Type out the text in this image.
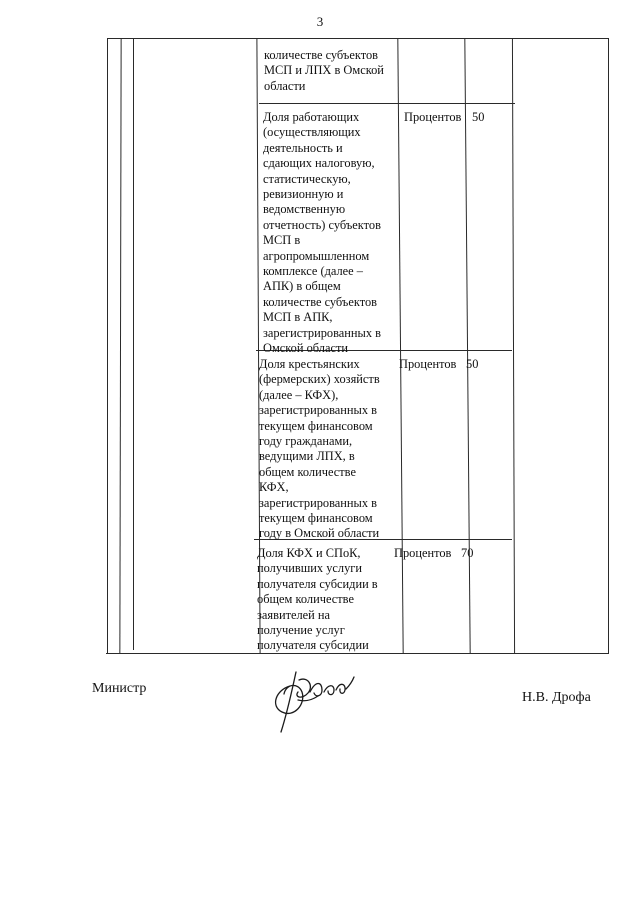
3
количестве субъектов
МСП и ЛПХ в Омской
области
Доля работающих
(осуществляющих
деятельность и
сдающих налоговую,
статистическую,
ревизионную и
ведомственную
отчетность) субъектов
МСП в
агропромышленном
комплексе (далее –
АПК) в общем
количестве субъектов
МСП в АПК,
зарегистрированных в
Омской области
Процентов 50
Доля крестьянских
(фермерских) хозяйств
(далее – КФХ),
зарегистрированных в
текущем финансовом
году гражданами,
ведущими ЛПХ, в
общем количестве
КФХ,
зарегистрированных в
текущем финансовом
году в Омской области
Процентов 50
Доля КФХ и СПоК,
получивших услуги
получателя субсидии в
общем количестве
заявителей на
получение услуг
получателя субсидии
Процентов 70
Министр
Н.В. Дрофа
